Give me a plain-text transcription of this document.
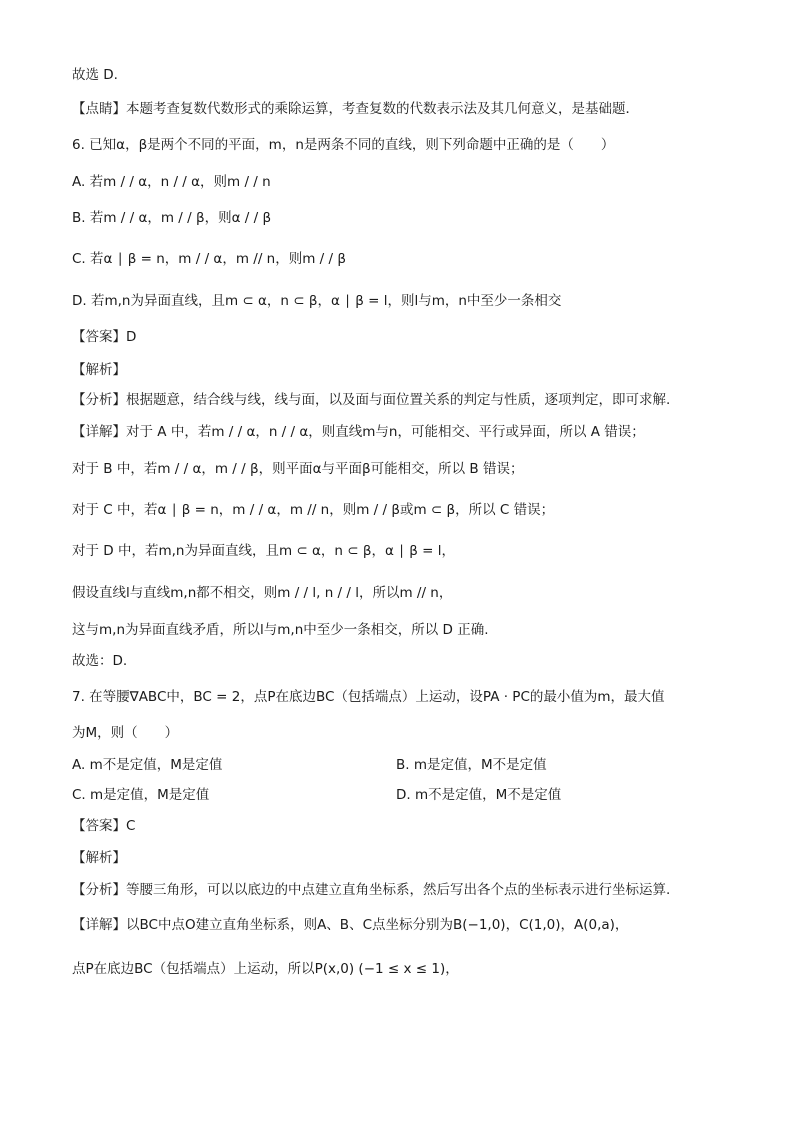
故选 D.
【点睛】本题考查复数代数形式的乘除运算，考查复数的代数表示法及其几何意义，是基础题．
6. 已知α，β是两个不同的平面，m，n是两条不同的直线，则下列命题中正确的是（　　）
A. 若m / / α，n / / α，则m / / n
B. 若m / / α，m / / β，则α / / β
C. 若α ∣ β = n，m / / α，m // n，则m / / β
D. 若m,n为异面直线，且m ⊂ α，n ⊂ β，α ∣ β = l，则l与m，n中至少一条相交
【答案】D
【解析】
【分析】根据题意，结合线与线，线与面，以及面与面位置关系的判定与性质，逐项判定，即可求解.
【详解】对于 A 中，若m / / α，n / / α，则直线m与n，可能相交、平行或异面，所以 A 错误；
对于 B 中，若m / / α，m / / β，则平面α与平面β可能相交，所以 B 错误；
对于 C 中，若α ∣ β = n，m / / α，m // n，则m / / β或m ⊂ β，所以 C 错误；
对于 D 中，若m,n为异面直线，且m ⊂ α，n ⊂ β，α ∣ β = l，
假设直线l与直线m,n都不相交，则m / / l, n / / l，所以m // n，
这与m,n为异面直线矛盾，所以l与m,n中至少一条相交，所以 D 正确.
故选：D.
7. 在等腰∇ABC中，BC = 2，点P在底边BC（包括端点）上运动，设PA · PC的最小值为m，最大值
为M，则（　　）
A. m不是定值，M是定值	B. m是定值，M不是定值
C. m是定值，M是定值	D. m不是定值，M不是定值
【答案】C
【解析】
【分析】等腰三角形，可以以底边的中点建立直角坐标系，然后写出各个点的坐标表示进行坐标运算.
【详解】以BC中点O建立直角坐标系，则A、B、C点坐标分别为B(−1,0)，C(1,0)，A(0,a)，
点P在底边BC（包括端点）上运动，所以P(x,0) (−1 ≤ x ≤ 1)，
